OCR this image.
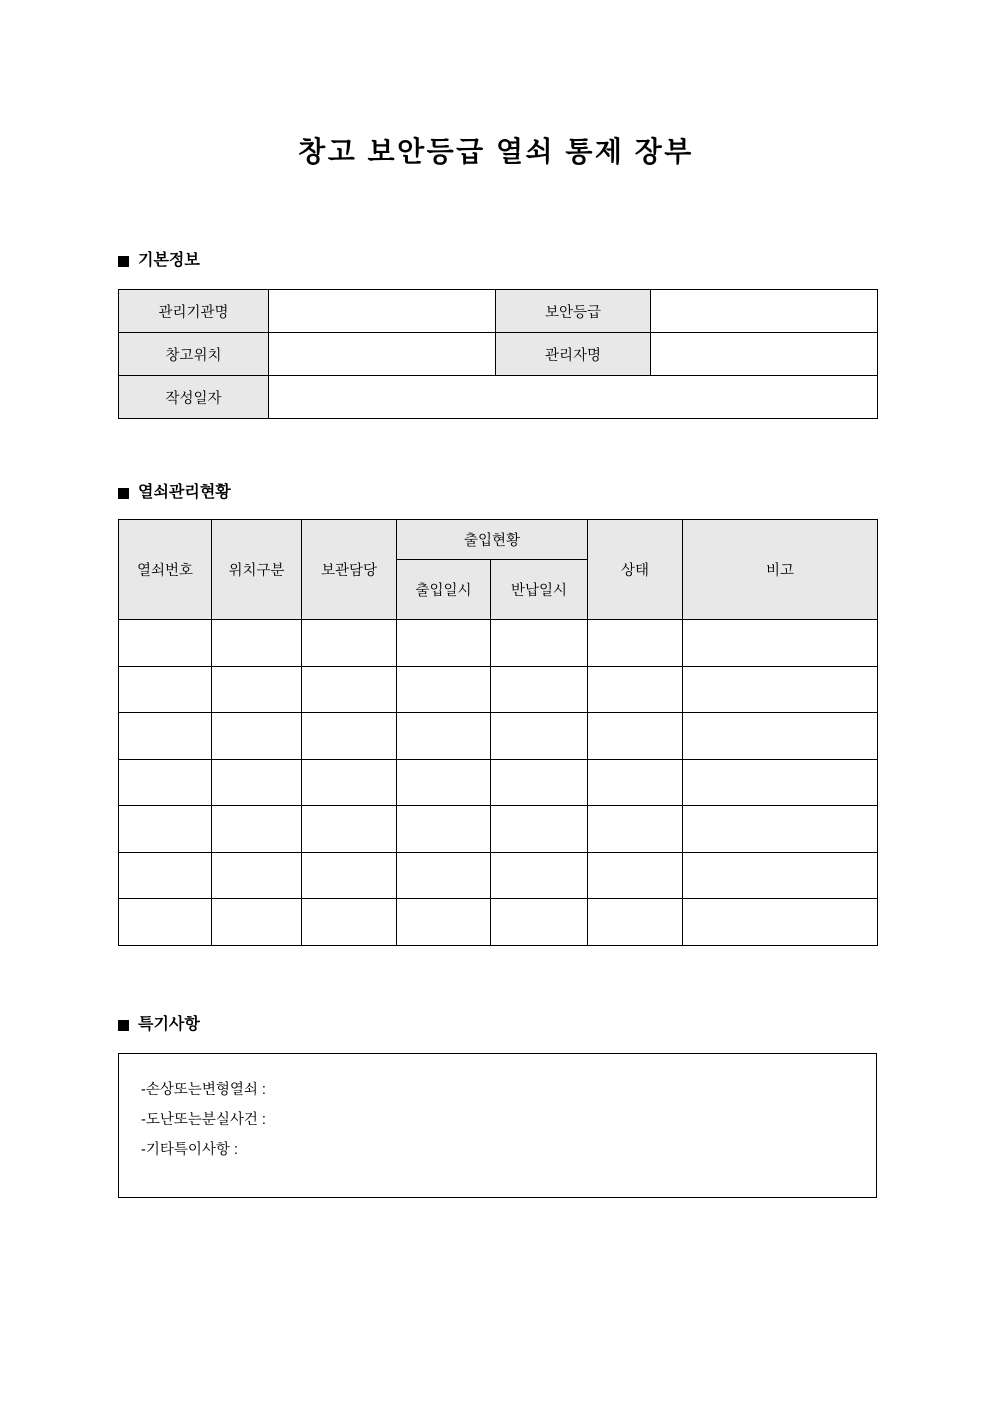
창고 보안등급 열쇠 통제 장부
기본정보
관리기관명		보안등급	
창고위치		관리자명	
작성일자			
열쇠관리현황
열쇠번호	위치구분	보관담당	출입현황		상태	비고
			출입일시	반납일시		

특기사항
-손상또는변형열쇠 :
-도난또는분실사건 :
-기타특이사항 :
